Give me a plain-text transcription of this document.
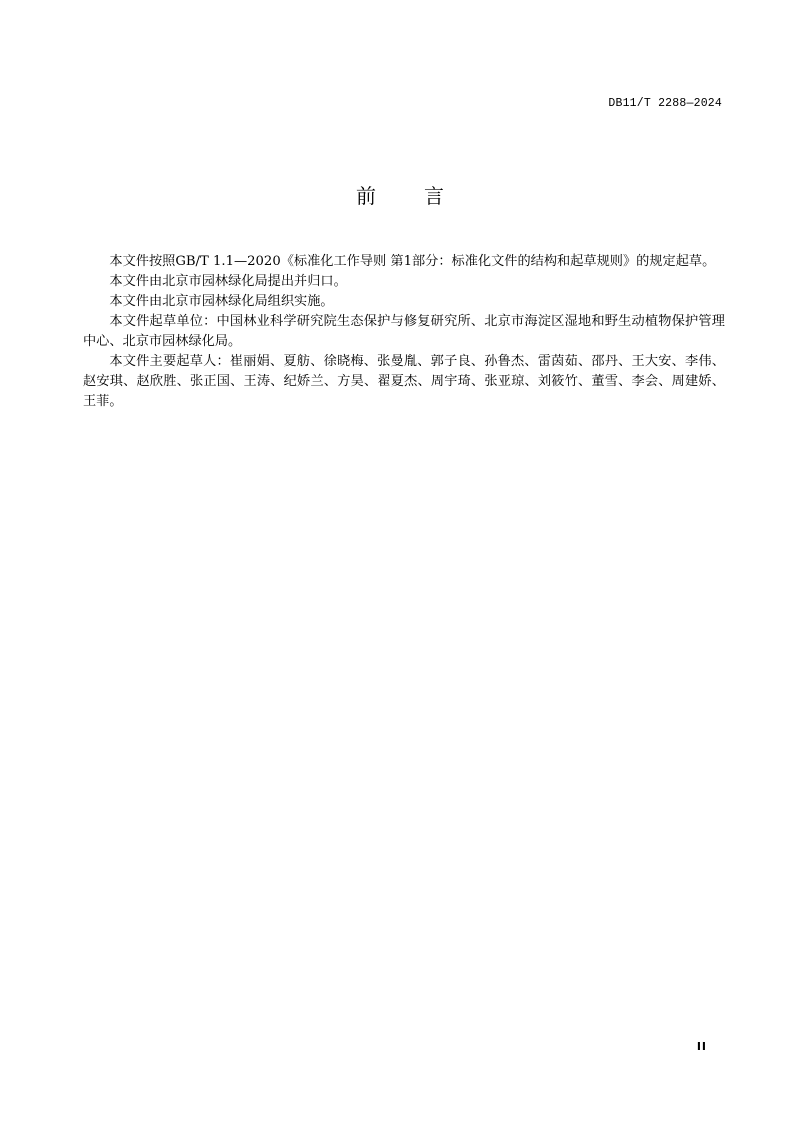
DB11/T 2288—2024
前 言

本文件按照GB/T 1.1—2020《标准化工作导则 第1部分：标准化文件的结构和起草规则》的规定起草。

本文件由北京市园林绿化局提出并归口。

本文件由北京市园林绿化局组织实施。

本文件起草单位：中国林业科学研究院生态保护与修复研究所、北京市海淀区湿地和野生动植物保护管理中心、北京市园林绿化局。

本文件主要起草人：崔丽娟、夏舫、徐晓梅、张曼胤、郭子良、孙鲁杰、雷茵茹、邵丹、王大安、李伟、赵安琪、赵欣胜、张正国、王涛、纪娇兰、方昊、翟夏杰、周宇琦、张亚琼、刘筱竹、董雪、李会、周建娇、王菲。

II
